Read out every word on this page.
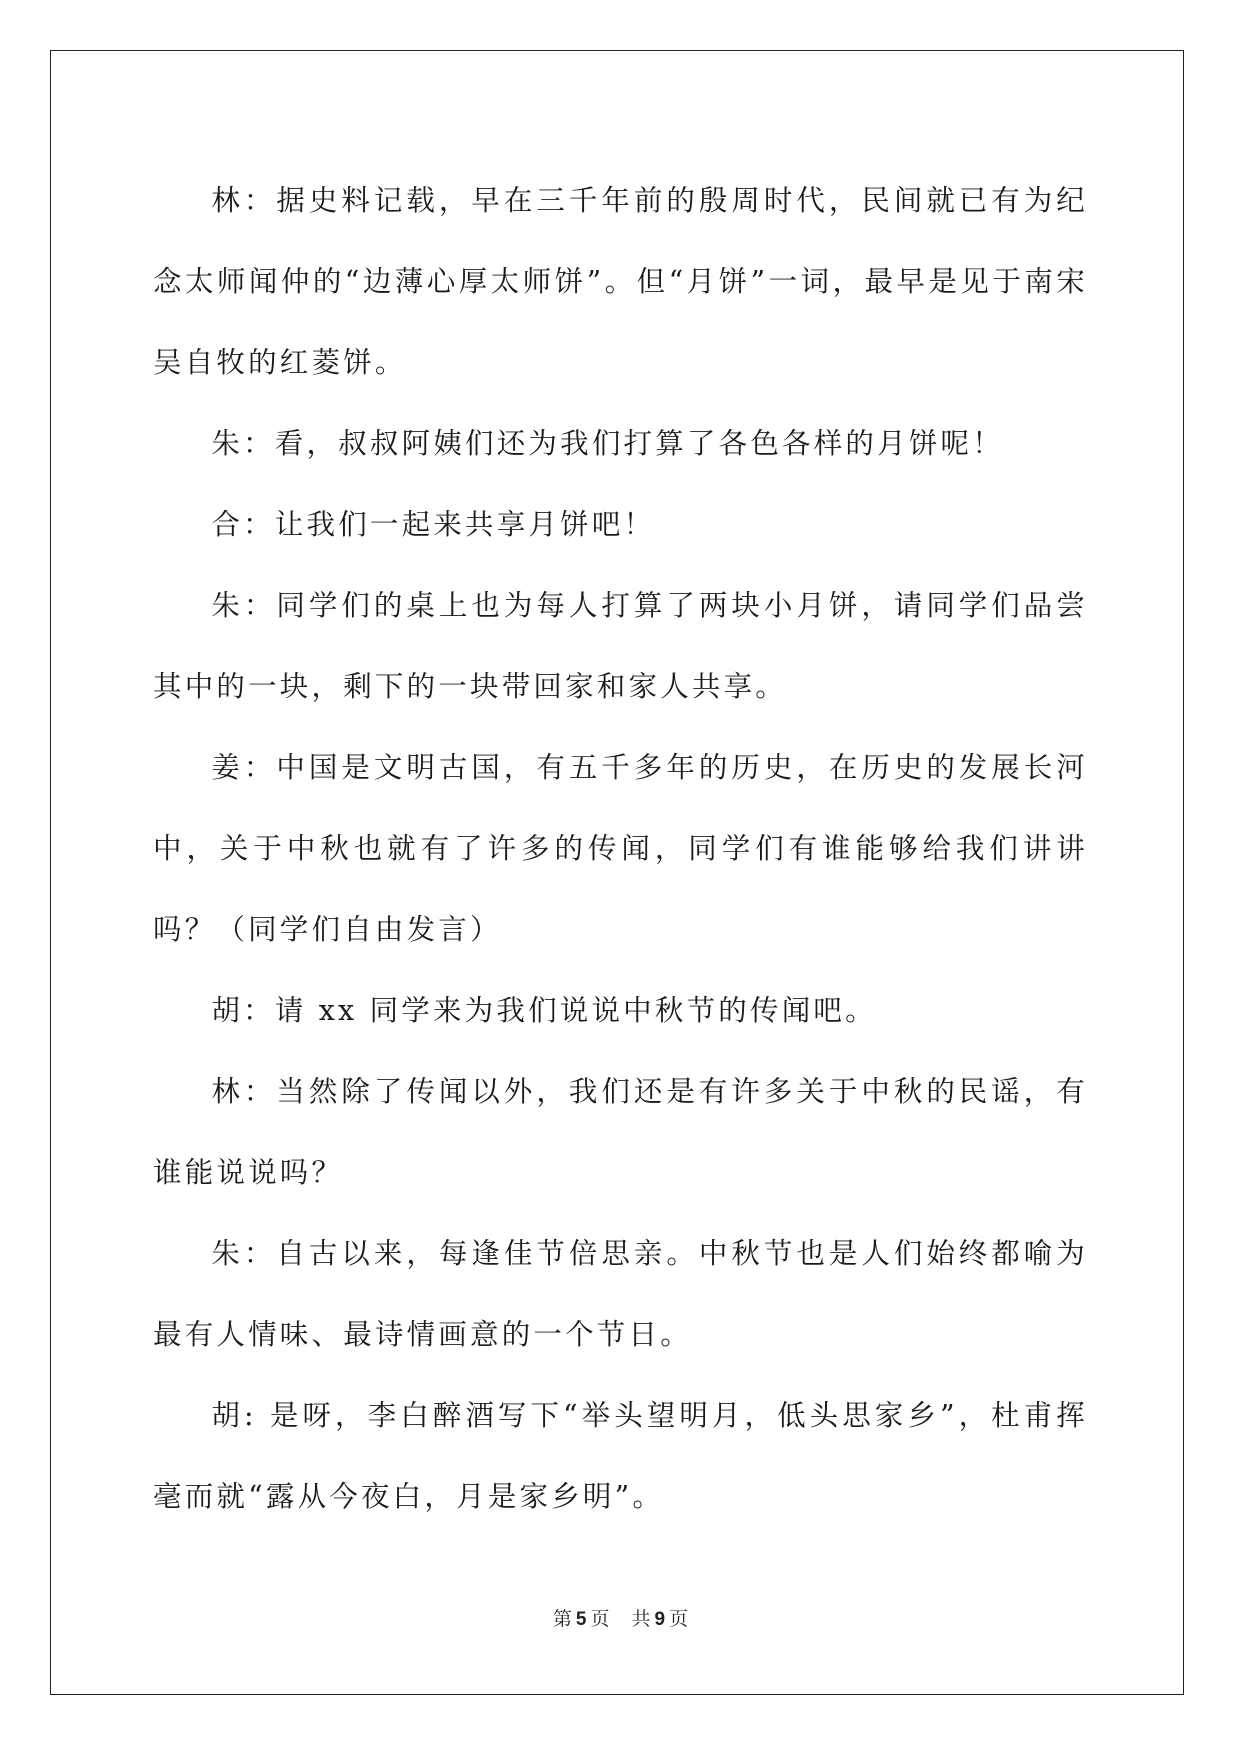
林：据史料记载，早在三千年前的殷周时代，民间就已有为纪念太师闻仲的“边薄心厚太师饼”。但“月饼”一词，最早是见于南宋吴自牧的红菱饼。

朱：看，叔叔阿姨们还为我们打算了各色各样的月饼呢！

合：让我们一起来共享月饼吧！

朱：同学们的桌上也为每人打算了两块小月饼，请同学们品尝其中的一块，剩下的一块带回家和家人共享。

姜：中国是文明古国，有五千多年的历史，在历史的发展长河中，关于中秋也就有了许多的传闻，同学们有谁能够给我们讲讲吗？（同学们自由发言）

胡：请 xx 同学来为我们说说中秋节的传闻吧。

林：当然除了传闻以外，我们还是有许多关于中秋的民谣，有谁能说说吗？

朱：自古以来，每逢佳节倍思亲。中秋节也是人们始终都喻为最有人情味、最诗情画意的一个节日。

胡: 是呀，李白醉酒写下“举头望明月，低头思家乡”，杜甫挥毫而就“露从今夜白，月是家乡明”。

第 5 页 共 9 页
